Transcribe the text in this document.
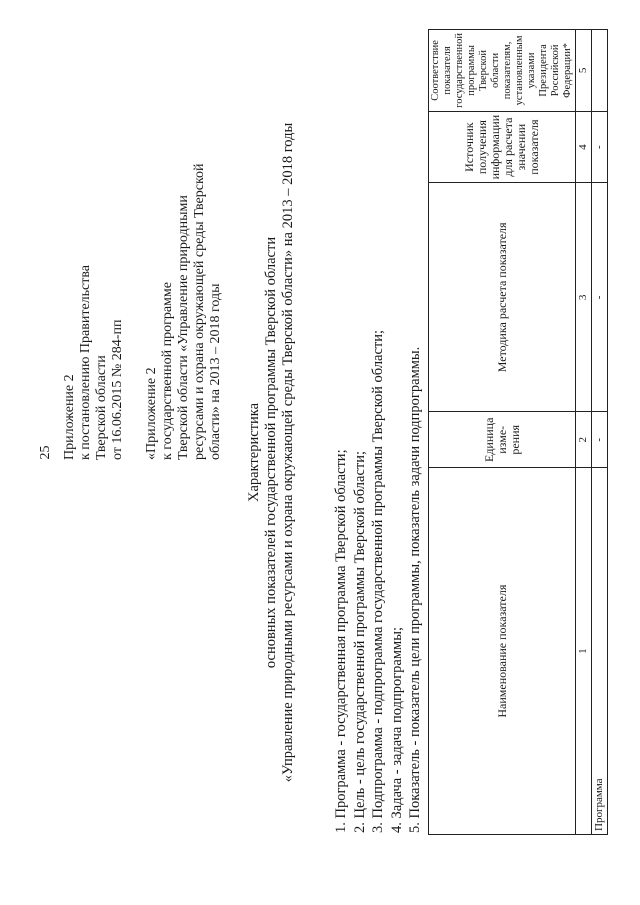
25 Приложение 2 к постановлению Правительства Тверской области от 16.06.2015 № 284-пп «Приложение 2 к государственной программе Тверской области «Управление природными ресурсами и охрана окружающей среды Тверской области» на 2013 – 2018 годы Характеристика основных показателей государственной программы Тверской области «Управление природными ресурсами и охрана окружающей среды Тверской области» на 2013 – 2018 годы	1. Программа - государственная программа Тверской области; 2. Цель - цель государственной программы Тверской области; 3. Подпрограмма - подпрограмма государственной программы Тверской области; 4. Задача - задача подпрограммы; 5. Показатель - показатель цели программы, показатель задачи подпрограммы.	Наименование показателя	Единица изме-рения	Методика расчета показателя	Источник получения информации для расчета значении показателя	Соответствие показателя государственной программы Тверской области показателям, установленным указами Президента Российской Федерации*
1	2	3	4	5
Программа	-	-	-	
